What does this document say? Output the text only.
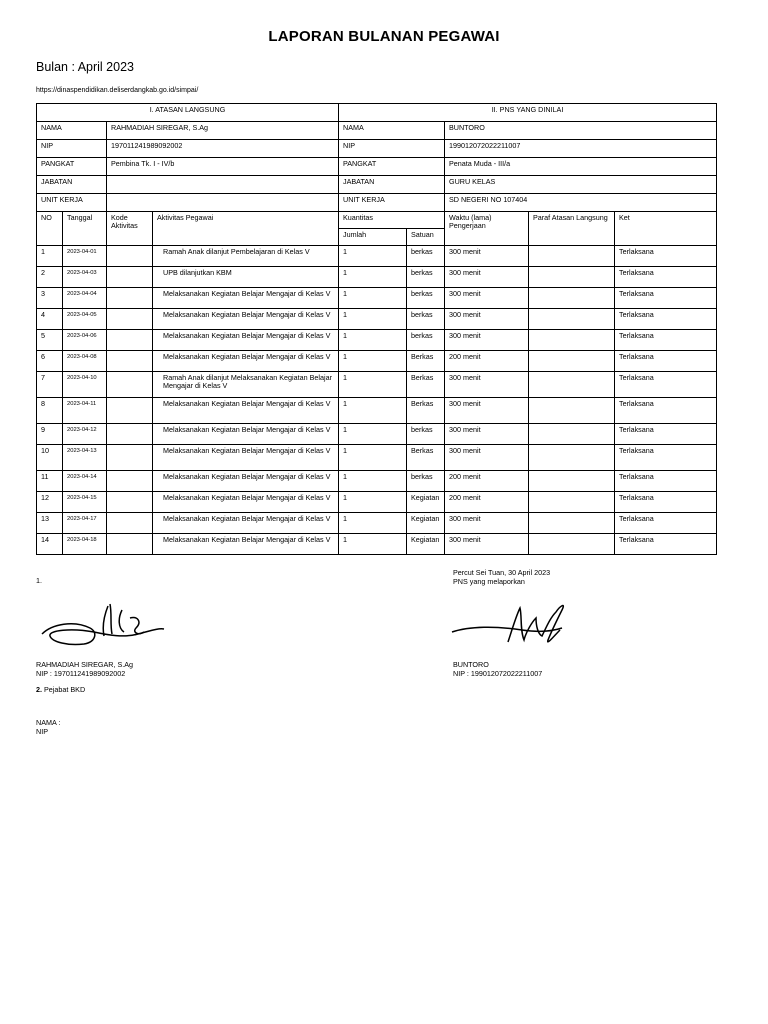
LAPORAN BULANAN PEGAWAI
Bulan : April 2023
https://dinaspendidikan.deliserdangkab.go.id/simpai/
I. ATASAN LANGSUNG				II. PNS YANG DINILAI				
NAMA		RAHMADIAH SIREGAR, S.Ag		NAMA		BUNTORO		
NIP		197011241989092002		NIP		199012072022211007		
PANGKAT		Pembina Tk. I - IV/b		PANGKAT		Penata Muda - III/a		
JABATAN				JABATAN		GURU KELAS		
UNIT KERJA				UNIT KERJA		SD NEGERI NO 107404		
NO	Tanggal	Kode Aktivitas	Aktivitas Pegawai	Kuantitas		Waktu (lama) Pengerjaan	Paraf Atasan Langsung	Ket
				Jumlah	Satuan			
1	2023-04-01		Ramah Anak dilanjut Pembelajaran di Kelas V	1	berkas	300 menit		Terlaksana
2	2023-04-03		UPB dilanjutkan KBM	1	berkas	300 menit		Terlaksana
3	2023-04-04		Melaksanakan Kegiatan Belajar Mengajar di Kelas V	1	berkas	300 menit		Terlaksana
4	2023-04-05		Melaksanakan Kegiatan Belajar Mengajar di Kelas V	1	berkas	300 menit		Terlaksana
5	2023-04-06		Melaksanakan Kegiatan Belajar Mengajar di Kelas V	1	berkas	300 menit		Terlaksana
6	2023-04-08		Melaksanakan Kegiatan Belajar Mengajar di Kelas V	1	Berkas	200 menit		Terlaksana
7	2023-04-10		Ramah Anak dilanjut Melaksanakan Kegiatan Belajar Mengajar di Kelas V	1	Berkas	300 menit		Terlaksana
8	2023-04-11		Melaksanakan Kegiatan Belajar Mengajar di Kelas V	1	Berkas	300 menit		Terlaksana
9	2023-04-12		Melaksanakan Kegiatan Belajar Mengajar di Kelas V	1	berkas	300 menit		Terlaksana
10	2023-04-13		Melaksanakan Kegiatan Belajar Mengajar di Kelas V	1	Berkas	300 menit		Terlaksana
11	2023-04-14		Melaksanakan Kegiatan Belajar Mengajar di Kelas V	1	berkas	200 menit		Terlaksana
12	2023-04-15		Melaksanakan Kegiatan Belajar Mengajar di Kelas V	1	Kegiatan	200 menit		Terlaksana
13	2023-04-17		Melaksanakan Kegiatan Belajar Mengajar di Kelas V	1	Kegiatan	300 menit		Terlaksana
14	2023-04-18		Melaksanakan Kegiatan Belajar Mengajar di Kelas V	1	Kegiatan	300 menit		Terlaksana
1.
RAHMADIAH SIREGAR, S.Ag
NIP : 197011241989092002
Percut Sei Tuan, 30 April 2023
PNS yang melaporkan
BUNTORO
NIP : 199012072022211007
2. Pejabat BKD
NAMA :
NIP
